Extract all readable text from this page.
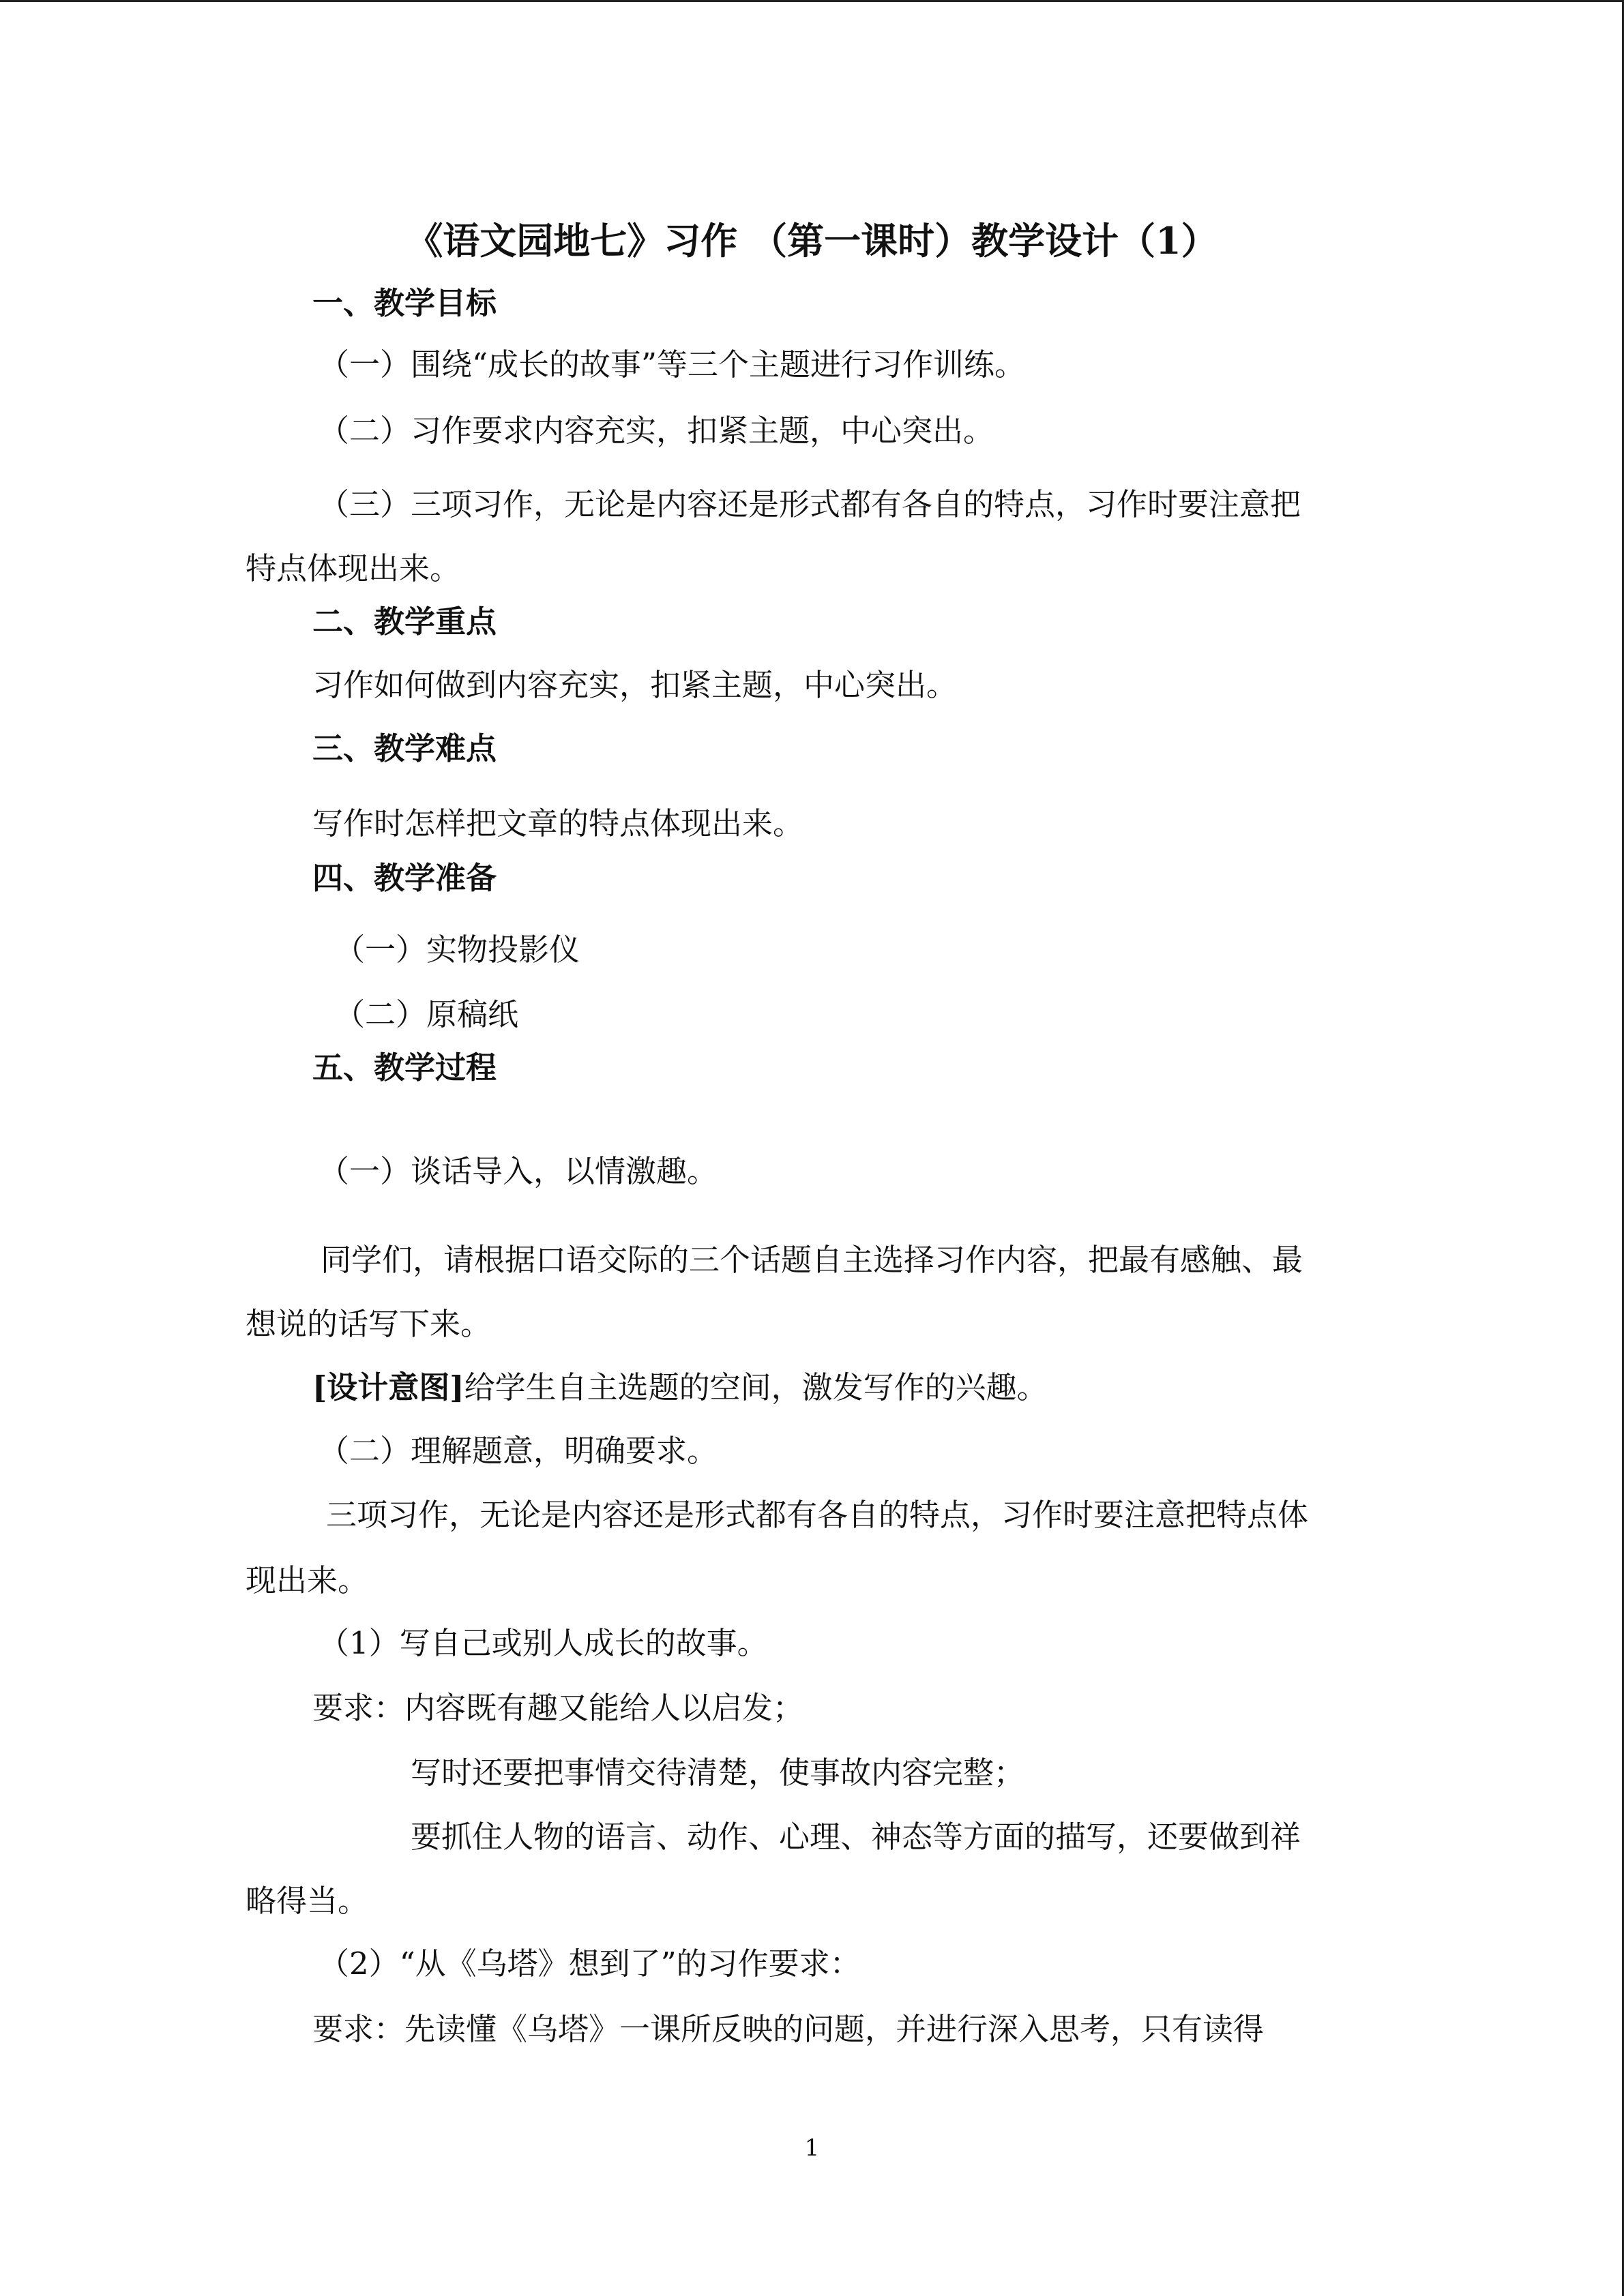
《语文园地七》习作 （第一课时）教学设计（1）
一、教学目标
（一）围绕“成长的故事”等三个主题进行习作训练。
（二）习作要求内容充实，扣紧主题，中心突出。
（三）三项习作，无论是内容还是形式都有各自的特点，习作时要注意把
特点体现出来。
二、教学重点
习作如何做到内容充实，扣紧主题，中心突出。
三、教学难点
写作时怎样把文章的特点体现出来。
四、教学准备
（一）实物投影仪
（二）原稿纸
五、教学过程
（一）谈话导入，以情激趣。
同学们，请根据口语交际的三个话题自主选择习作内容，把最有感触、最
想说的话写下来。
[设计意图]给学生自主选题的空间，激发写作的兴趣。
（二）理解题意，明确要求。
三项习作，无论是内容还是形式都有各自的特点，习作时要注意把特点体
现出来。
（1）写自己或别人成长的故事。
要求：内容既有趣又能给人以启发；
写时还要把事情交待清楚，使事故内容完整；
要抓住人物的语言、动作、心理、神态等方面的描写，还要做到祥
略得当。
（2）“从《乌塔》想到了”的习作要求：
要求：先读懂《乌塔》一课所反映的问题，并进行深入思考，只有读得
1
